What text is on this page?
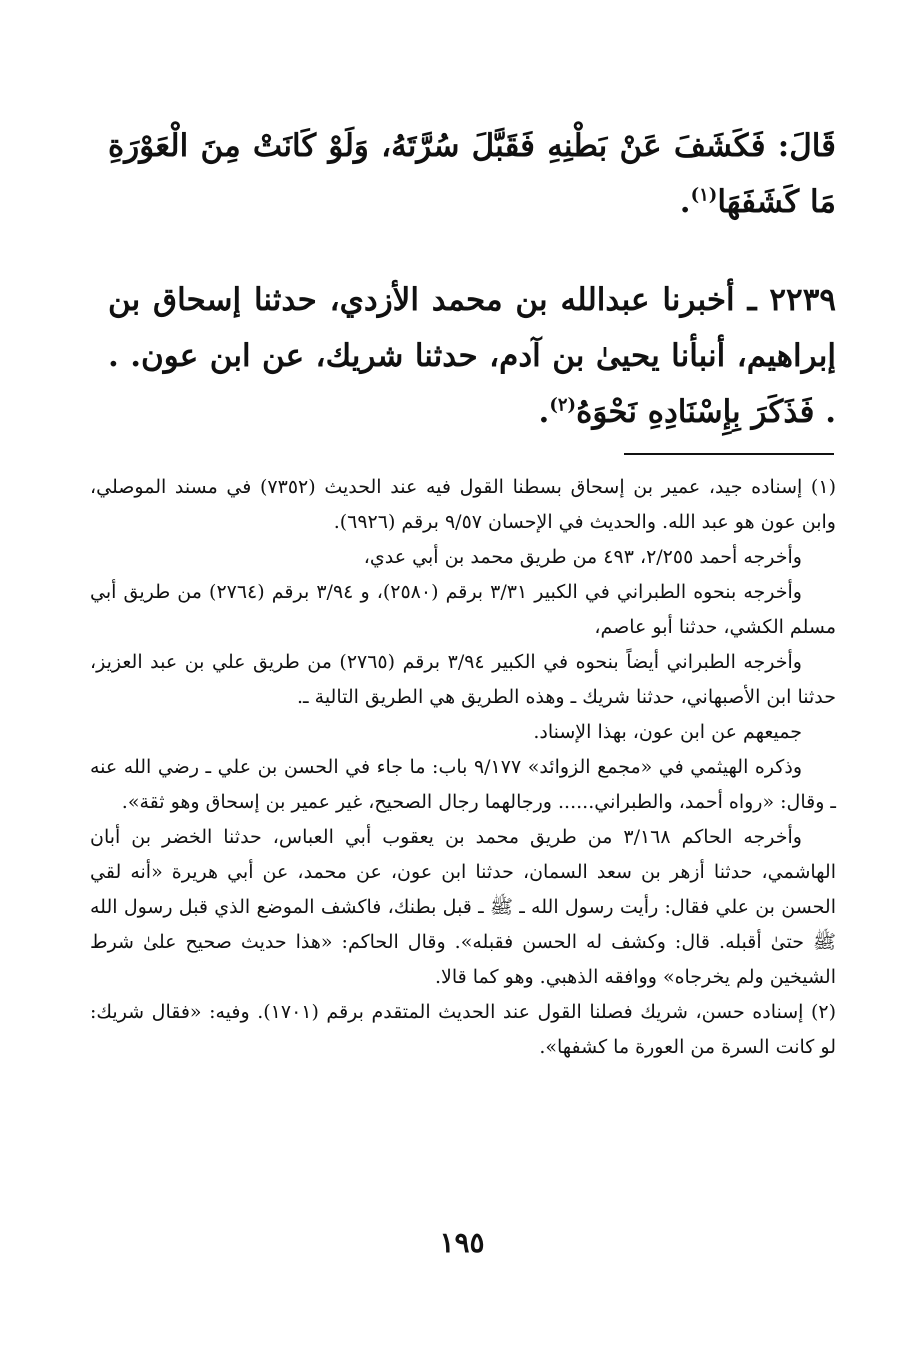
قَالَ: فَكَشَفَ عَنْ بَطْنِهِ فَقَبَّلَ سُرَّتَهُ، وَلَوْ كَانَتْ مِنَ الْعَوْرَةِ مَا كَشَفَهَا$^{(١)}$.

٢٢٣٩ ـ أخبرنا عبدالله بن محمد الأزدي، حدثنا إسحاق بن إبراهيم، أنبأنا يحيىٰ بن آدم، حدثنا شريك، عن ابن عون. . . فَذَكَرَ بِإِسْنَادِهِ نَحْوَهُ$^{(٢)}$.

(١) إسناده جيد، عمير بن إسحاق بسطنا القول فيه عند الحديث (٧٣٥٢) في مسند الموصلي، وابن عون هو عبد الله. والحديث في الإحسان ٩/٥٧ برقم (٦٩٢٦).

وأخرجه أحمد ٢/٢٥٥، ٤٩٣ من طريق محمد بن أبي عدي،

وأخرجه بنحوه الطبراني في الكبير ٣/٣١ برقم (٢٥٨٠)، و ٣/٩٤ برقم (٢٧٦٤) من طريق أبي مسلم الكشي، حدثنا أبو عاصم،

وأخرجه الطبراني أيضاً بنحوه في الكبير ٣/٩٤ برقم (٢٧٦٥) من طريق علي بن عبد العزيز، حدثنا ابن الأصبهاني، حدثنا شريك ـ وهذه الطريق هي الطريق التالية ـ.

جميعهم عن ابن عون، بهذا الإسناد.

وذكره الهيثمي في «مجمع الزوائد» ٩/١٧٧ باب: ما جاء في الحسن بن علي ـ رضي الله عنه ـ وقال: «رواه أحمد، والطبراني...... ورجالهما رجال الصحيح، غير عمير بن إسحاق وهو ثقة».

وأخرجه الحاكم ٣/١٦٨ من طريق محمد بن يعقوب أبي العباس، حدثنا الخضر بن أبان الهاشمي، حدثنا أزهر بن سعد السمان، حدثنا ابن عون، عن محمد، عن أبي هريرة «أنه لقي الحسن بن علي فقال: رأيت رسول الله ـ ﷺ ـ قبل بطنك، فاكشف الموضع الذي قبل رسول الله ﷺ حتىٰ أقبله. قال: وكشف له الحسن فقبله». وقال الحاكم: «هذا حديث صحيح علىٰ شرط الشيخين ولم يخرجاه» ووافقه الذهبي. وهو كما قالا.

(٢) إسناده حسن، شريك فصلنا القول عند الحديث المتقدم برقم (١٧٠١). وفيه: «فقال شريك: لو كانت السرة من العورة ما كشفها».

١٩٥
